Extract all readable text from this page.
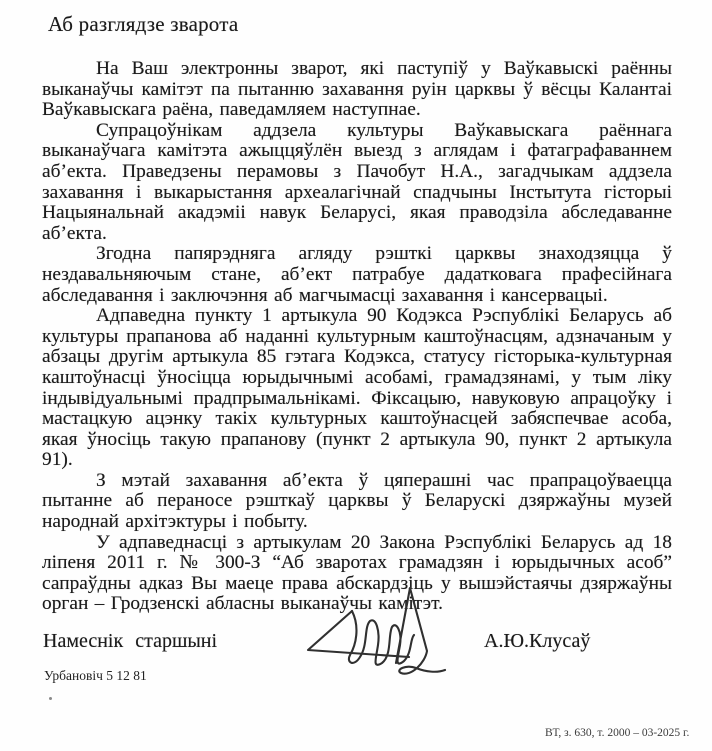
Аб разглядзе зварота

На Ваш электронны зварот, які паступіў у Ваўкавыскі раённы выканаўчы камітэт па пытанню захавання руін царквы ў вёсцы Калантаі Ваўкавыскага раёна, паведамляем наступнае.

Супрацоўнікам аддзела культуры Ваўкавыскага раённага выканаўчага камітэта ажыццяўлён выезд з аглядам і фатаграфаваннем аб’екта. Праведзены перамовы з Пачобут Н.А., загадчыкам аддзела захавання і выкарыстання археалагічнай спадчыны Інстытута гісторыі Нацыянальнай акадэміі навук Беларусі, якая праводзіла абследаванне аб’екта.

Згодна папярэдняга агляду рэшткі царквы знаходзяцца ў нездавальняючым стане, аб’ект патрабуе дадатковага прафесійнага абследавання і заключэння аб магчымасці захавання і кансервацыі.

Адпаведна пункту 1 артыкула 90 Кодэкса Рэспублікі Беларусь аб культуры прапанова аб наданні культурным каштоўнасцям, адзначаным у абзацы другім артыкула 85 гэтага Кодэкса, статусу гісторыка-культурная каштоўнасці ўносіцца юрыдычнымі асобамі, грамадзянамі, у тым ліку індывідуальнымі прадпрымальнікамі. Фіксацыю, навуковую апрацоўку і мастацкую ацэнку такіх культурных каштоўнасцей забяспечвае асоба, якая ўносіць такую прапанову (пункт 2 артыкула 90, пункт 2 артыкула 91).

З мэтай захавання аб’екта ў цяперашні час прапрацоўваецца пытанне аб пераносе рэшткаў царквы ў Беларускі дзяржаўны музей народнай архітэктуры і побыту.

У адпаведнасці з артыкулам 20 Закона Рэспублікі Беларусь ад 18 ліпеня 2011 г. № 300-З “Аб зваротах грамадзян і юрыдычных асоб” сапраўдны адказ Вы маеце права абскардзіць у вышэйстаячы дзяржаўны орган – Гродзенскі абласны выканаўчы камітэт.

Намеснік старшыні	А.Ю.Клусаў
Урбановіч 5 12 81
ВТ, з. 630, т. 2000 – 03-2025 г.
